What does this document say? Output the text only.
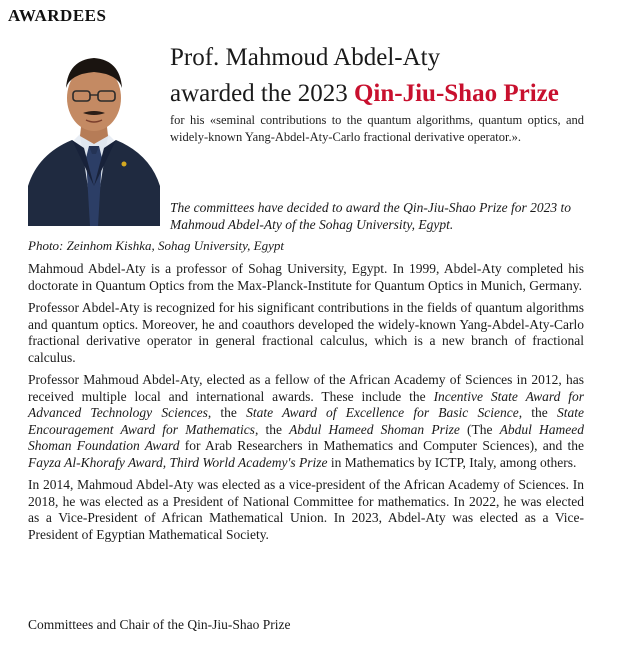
AWARDEES
Prof. Mahmoud Abdel-Aty
awarded the 2023 Qin-Jiu-Shao Prize
for his «seminal contributions to the quantum algorithms, quantum optics, and widely-known Yang-Abdel-Aty-Carlo fractional derivative operator.».
The committees have decided to award the Qin-Jiu-Shao Prize for 2023 to Mahmoud Abdel-Aty of the Sohag University, Egypt.
Photo: Zeinhom Kishka, Sohag University, Egypt

Mahmoud Abdel-Aty is a professor of Sohag University, Egypt. In 1999, Abdel-Aty completed his doctorate in Quantum Optics from the Max-Planck-Institute for Quantum Optics in Munich, Germany.

Professor Abdel-Aty is recognized for his significant contributions in the fields of quantum algorithms and quantum optics. Moreover, he and coauthors developed the widely-known Yang-Abdel-Aty-Carlo fractional derivative operator in general fractional calculus, which is a new branch of fractional calculus.

Professor Mahmoud Abdel-Aty, elected as a fellow of the African Academy of Sciences in 2012, has received multiple local and international awards. These include the Incentive State Award for Advanced Technology Sciences, the State Award of Excellence for Basic Science, the State Encouragement Award for Mathematics, the Abdul Hameed Shoman Prize (The Abdul Hameed Shoman Foundation Award for Arab Researchers in Mathematics and Computer Sciences), and the Fayza Al-Khorafy Award, Third World Academy's Prize in Mathematics by ICTP, Italy, among others.

In 2014, Mahmoud Abdel-Aty was elected as a vice-president of the African Academy of Sciences. In 2018, he was elected as a President of National Committee for mathematics. In 2022, he was elected as a Vice-President of African Mathematical Union. In 2023, Abdel-Aty was elected as a Vice-President of Egyptian Mathematical Society.

Committees and Chair of the Qin-Jiu-Shao Prize
